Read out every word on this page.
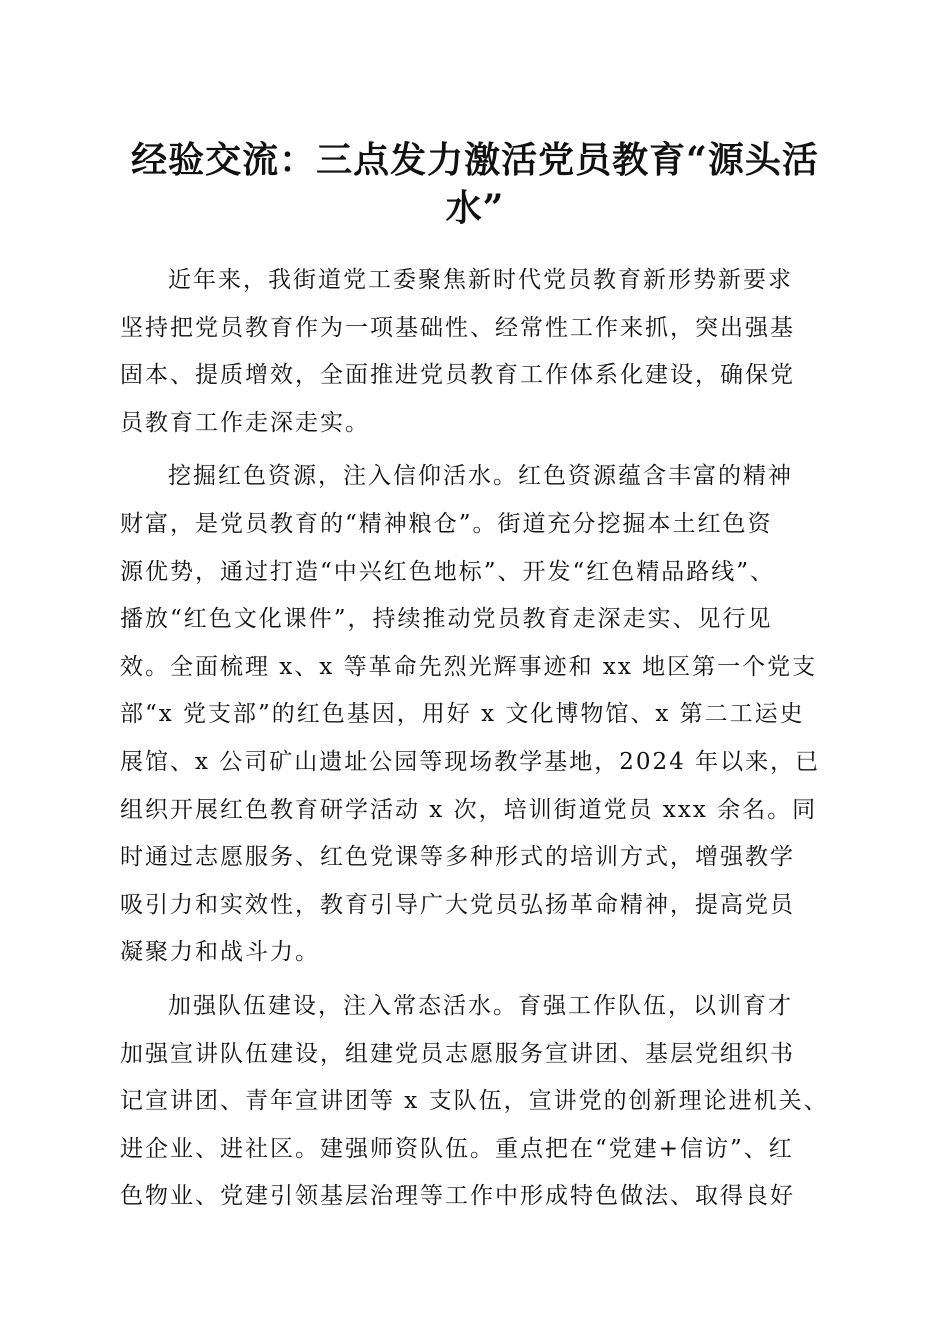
经验交流：三点发力激活党员教育“源头活
水”

近年来，我街道党工委聚焦新时代党员教育新形势新要求
坚持把党员教育作为一项基础性、经常性工作来抓，突出强基
固本、提质增效，全面推进党员教育工作体系化建设，确保党
员教育工作走深走实。

挖掘红色资源，注入信仰活水。红色资源蕴含丰富的精神
财富，是党员教育的“精神粮仓”。街道充分挖掘本土红色资
源优势，通过打造“中兴红色地标”、开发“红色精品路线”、
播放“红色文化课件”，持续推动党员教育走深走实、见行见
效。全面梳理 x、x 等革命先烈光辉事迹和 xx 地区第一个党支
部“x 党支部”的红色基因，用好 x 文化博物馆、x 第二工运史
展馆、x 公司矿山遗址公园等现场教学基地，2024 年以来，已
组织开展红色教育研学活动 x 次，培训街道党员 xxx 余名。同
时通过志愿服务、红色党课等多种形式的培训方式，增强教学
吸引力和实效性，教育引导广大党员弘扬革命精神，提高党员
凝聚力和战斗力。

加强队伍建设，注入常态活水。育强工作队伍，以训育才
加强宣讲队伍建设，组建党员志愿服务宣讲团、基层党组织书
记宣讲团、青年宣讲团等 x 支队伍，宣讲党的创新理论进机关、
进企业、进社区。建强师资队伍。重点把在“党建+信访”、红
色物业、党建引领基层治理等工作中形成特色做法、取得良好
